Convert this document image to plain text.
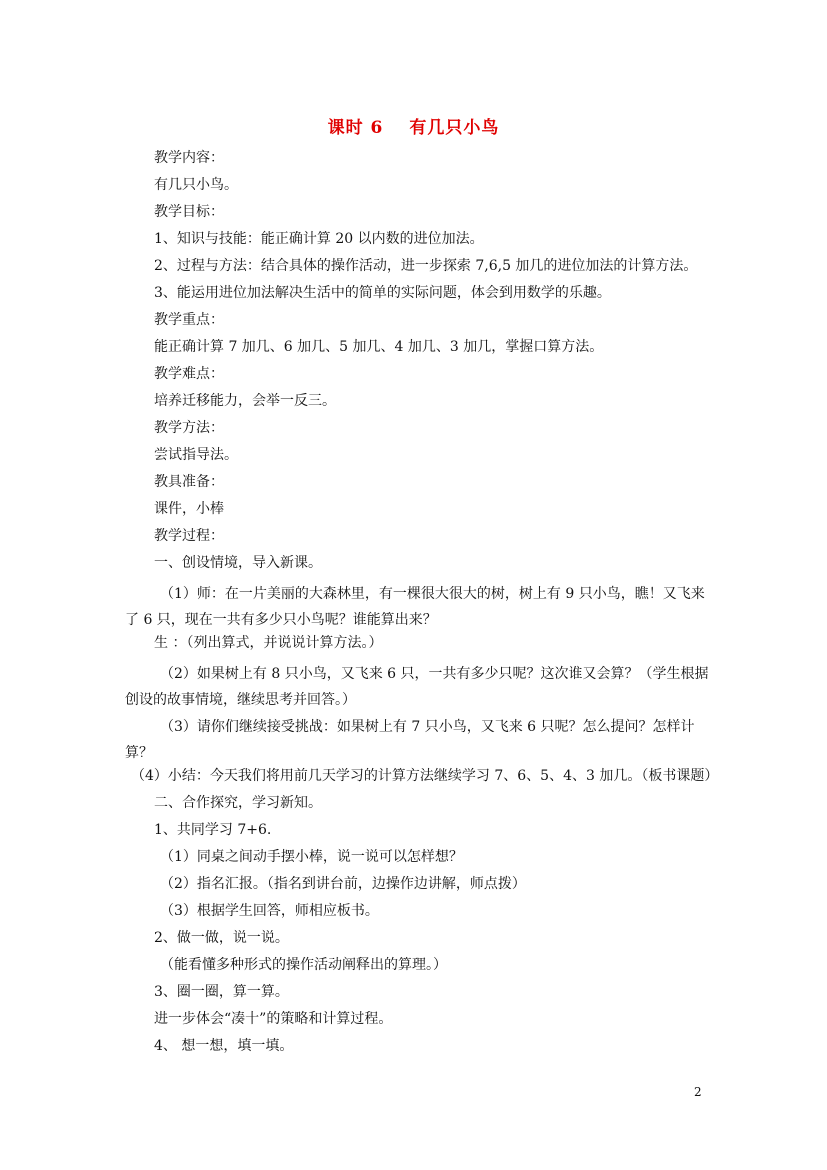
课时 6 有几只小鸟
教学内容：
有几只小鸟。
教学目标：
1、知识与技能：能正确计算 20 以内数的进位加法。
2、过程与方法：结合具体的操作活动，进一步探索 7,6,5 加几的进位加法的计算方法。
3、能运用进位加法解决生活中的简单的实际问题，体会到用数学的乐趣。
教学重点：
能正确计算 7 加几、6 加几、5 加几、4 加几、3 加几，掌握口算方法。
教学难点：
培养迁移能力，会举一反三。
教学方法：
尝试指导法。
教具准备：
课件，小棒
教学过程：
一、创设情境，导入新课。
（1）师：在一片美丽的大森林里，有一棵很大很大的树，树上有 9 只小鸟，瞧！又飞来了 6 只，现在一共有多少只小鸟呢？谁能算出来？
生 ：（列出算式，并说说计算方法。）
（2）如果树上有 8 只小鸟，又飞来 6 只，一共有多少只呢？这次谁又会算？（学生根据创设的故事情境，继续思考并回答。）
（3）请你们继续接受挑战：如果树上有 7 只小鸟，又飞来 6 只呢？怎么提问？怎样计算？
（4）小结：今天我们将用前几天学习的计算方法继续学习 7、6、5、4、3 加几。（板书课题）
二、合作探究，学习新知。
1、共同学习 7+6.
（1）同桌之间动手摆小棒，说一说可以怎样想？
（2）指名汇报。（指名到讲台前，边操作边讲解，师点拨）
（3）根据学生回答，师相应板书。
2、做一做，说一说。
（能看懂多种形式的操作活动阐释出的算理。）
3、圈一圈，算一算。
进一步体会“凑十”的策略和计算过程。
4、 想一想，填一填。
2
